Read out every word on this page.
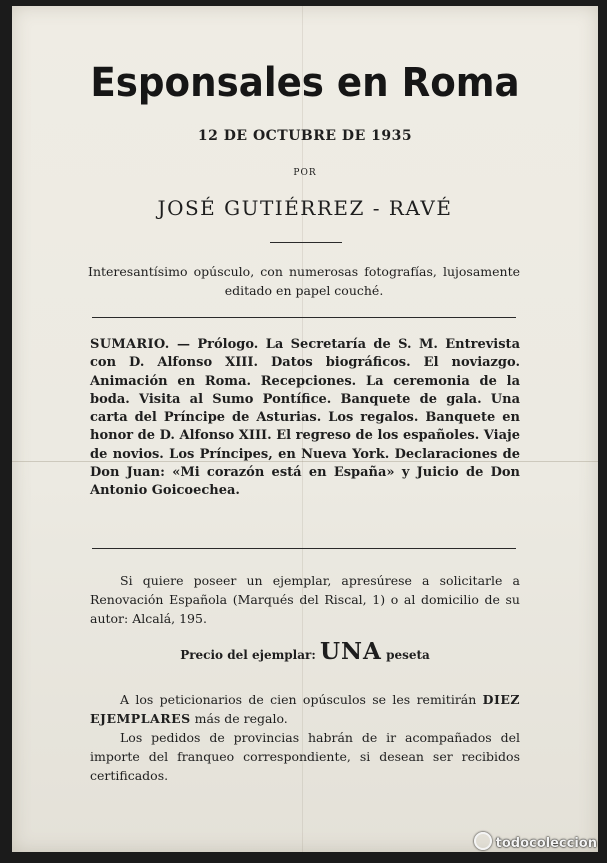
Esponsales en Roma
12 DE OCTUBRE DE 1935
POR
JOSÉ GUTIÉRREZ - RAVÉ
Interesantísimo opúsculo, con numerosas fotografías, lujosamente editado en papel couché.
SUMARIO. — Prólogo. La Secretaría de S. M. Entrevista con D. Alfonso XIII. Datos biográficos. El noviazgo. Animación en Roma. Recepciones. La ceremonia de la boda. Visita al Sumo Pontífice. Banquete de gala. Una carta del Príncipe de Asturias. Los regalos. Banquete en honor de D. Alfonso XIII. El regreso de los españoles. Viaje de novios. Los Príncipes, en Nueva York. Declaraciones de Don Juan: «Mi corazón está en España» y Juicio de Don Antonio Goicoechea.
Si quiere poseer un ejemplar, apresúrese a solicitarle a Renovación Española (Marqués del Riscal, 1) o al domicilio de su autor: Alcalá, 195.
Precio del ejemplar: UNA peseta
A los peticionarios de cien opúsculos se les remitirán DIEZ EJEMPLARES más de regalo.
Los pedidos de provincias habrán de ir acompañados del importe del franqueo correspondiente, si desean ser recibidos certificados.
todocoleccion
